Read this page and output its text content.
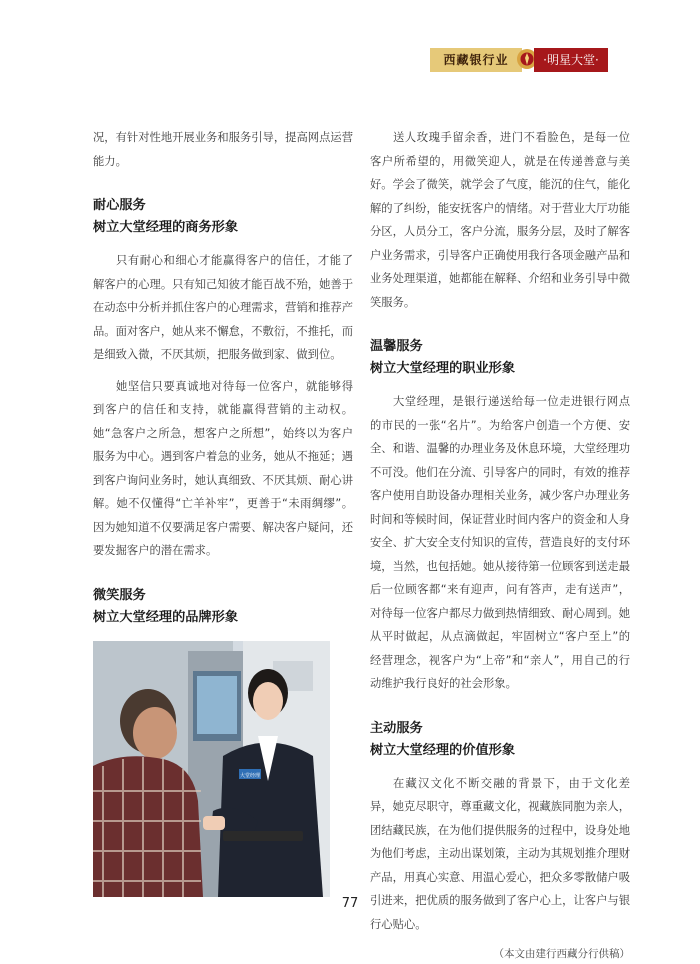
西藏银行业	·明星大堂·

况，有针对性地开展业务和服务引导，提高网点运营能力。

耐心服务
树立大堂经理的商务形象

只有耐心和细心才能赢得客户的信任，才能了解客户的心理。只有知己知彼才能百战不殆，她善于在动态中分析并抓住客户的心理需求，营销和推荐产品。面对客户，她从来不懈怠，不敷衍，不推托，而是细致入微，不厌其烦，把服务做到家、做到位。

她坚信只要真诚地对待每一位客户，就能够得到客户的信任和支持，就能赢得营销的主动权。她“急客户之所急，想客户之所想”，始终以为客户服务为中心。遇到客户着急的业务，她从不拖延；遇到客户询问业务时，她认真细致、不厌其烦、耐心讲解。她不仅懂得“亡羊补牢”，更善于“未雨绸缪”。因为她知道不仅要满足客户需要、解决客户疑问，还要发掘客户的潜在需求。

微笑服务
树立大堂经理的品牌形象
大堂经理

送人玫瑰手留余香，进门不看脸色，是每一位客户所希望的，用微笑迎人，就是在传递善意与美好。学会了微笑，就学会了气度，能沉的住气，能化解的了纠纷，能安抚客户的情绪。对于营业大厅功能分区，人员分工，客户分流，服务分层，及时了解客户业务需求，引导客户正确使用我行各项金融产品和业务处理渠道，她都能在解释、介绍和业务引导中微笑服务。

温馨服务
树立大堂经理的职业形象

大堂经理，是银行递送给每一位走进银行网点的市民的一张“名片”。为给客户创造一个方便、安全、和谐、温馨的办理业务及休息环境，大堂经理功不可没。他们在分流、引导客户的同时，有效的推荐客户使用自助设备办理相关业务，减少客户办理业务时间和等候时间，保证营业时间内客户的资金和人身安全、扩大安全支付知识的宣传，营造良好的支付环境，当然，也包括她。她从接待第一位顾客到送走最后一位顾客都“来有迎声，问有答声，走有送声”，对待每一位客户都尽力做到热情细致、耐心周到。她从平时做起，从点滴做起，牢固树立“客户至上”的经营理念，视客户为“上帝”和“亲人”，用自己的行动维护我行良好的社会形象。

主动服务
树立大堂经理的价值形象

在藏汉文化不断交融的背景下，由于文化差异，她克尽职守，尊重藏文化，视藏族同胞为亲人，团结藏民族，在为他们提供服务的过程中，设身处地为他们考虑，主动出谋划策，主动为其规划推介理财产品，用真心实意、用温心爱心，把众多零散储户吸引进来，把优质的服务做到了客户心上，让客户与银行心贴心。

（本文由建行西藏分行供稿）
77
